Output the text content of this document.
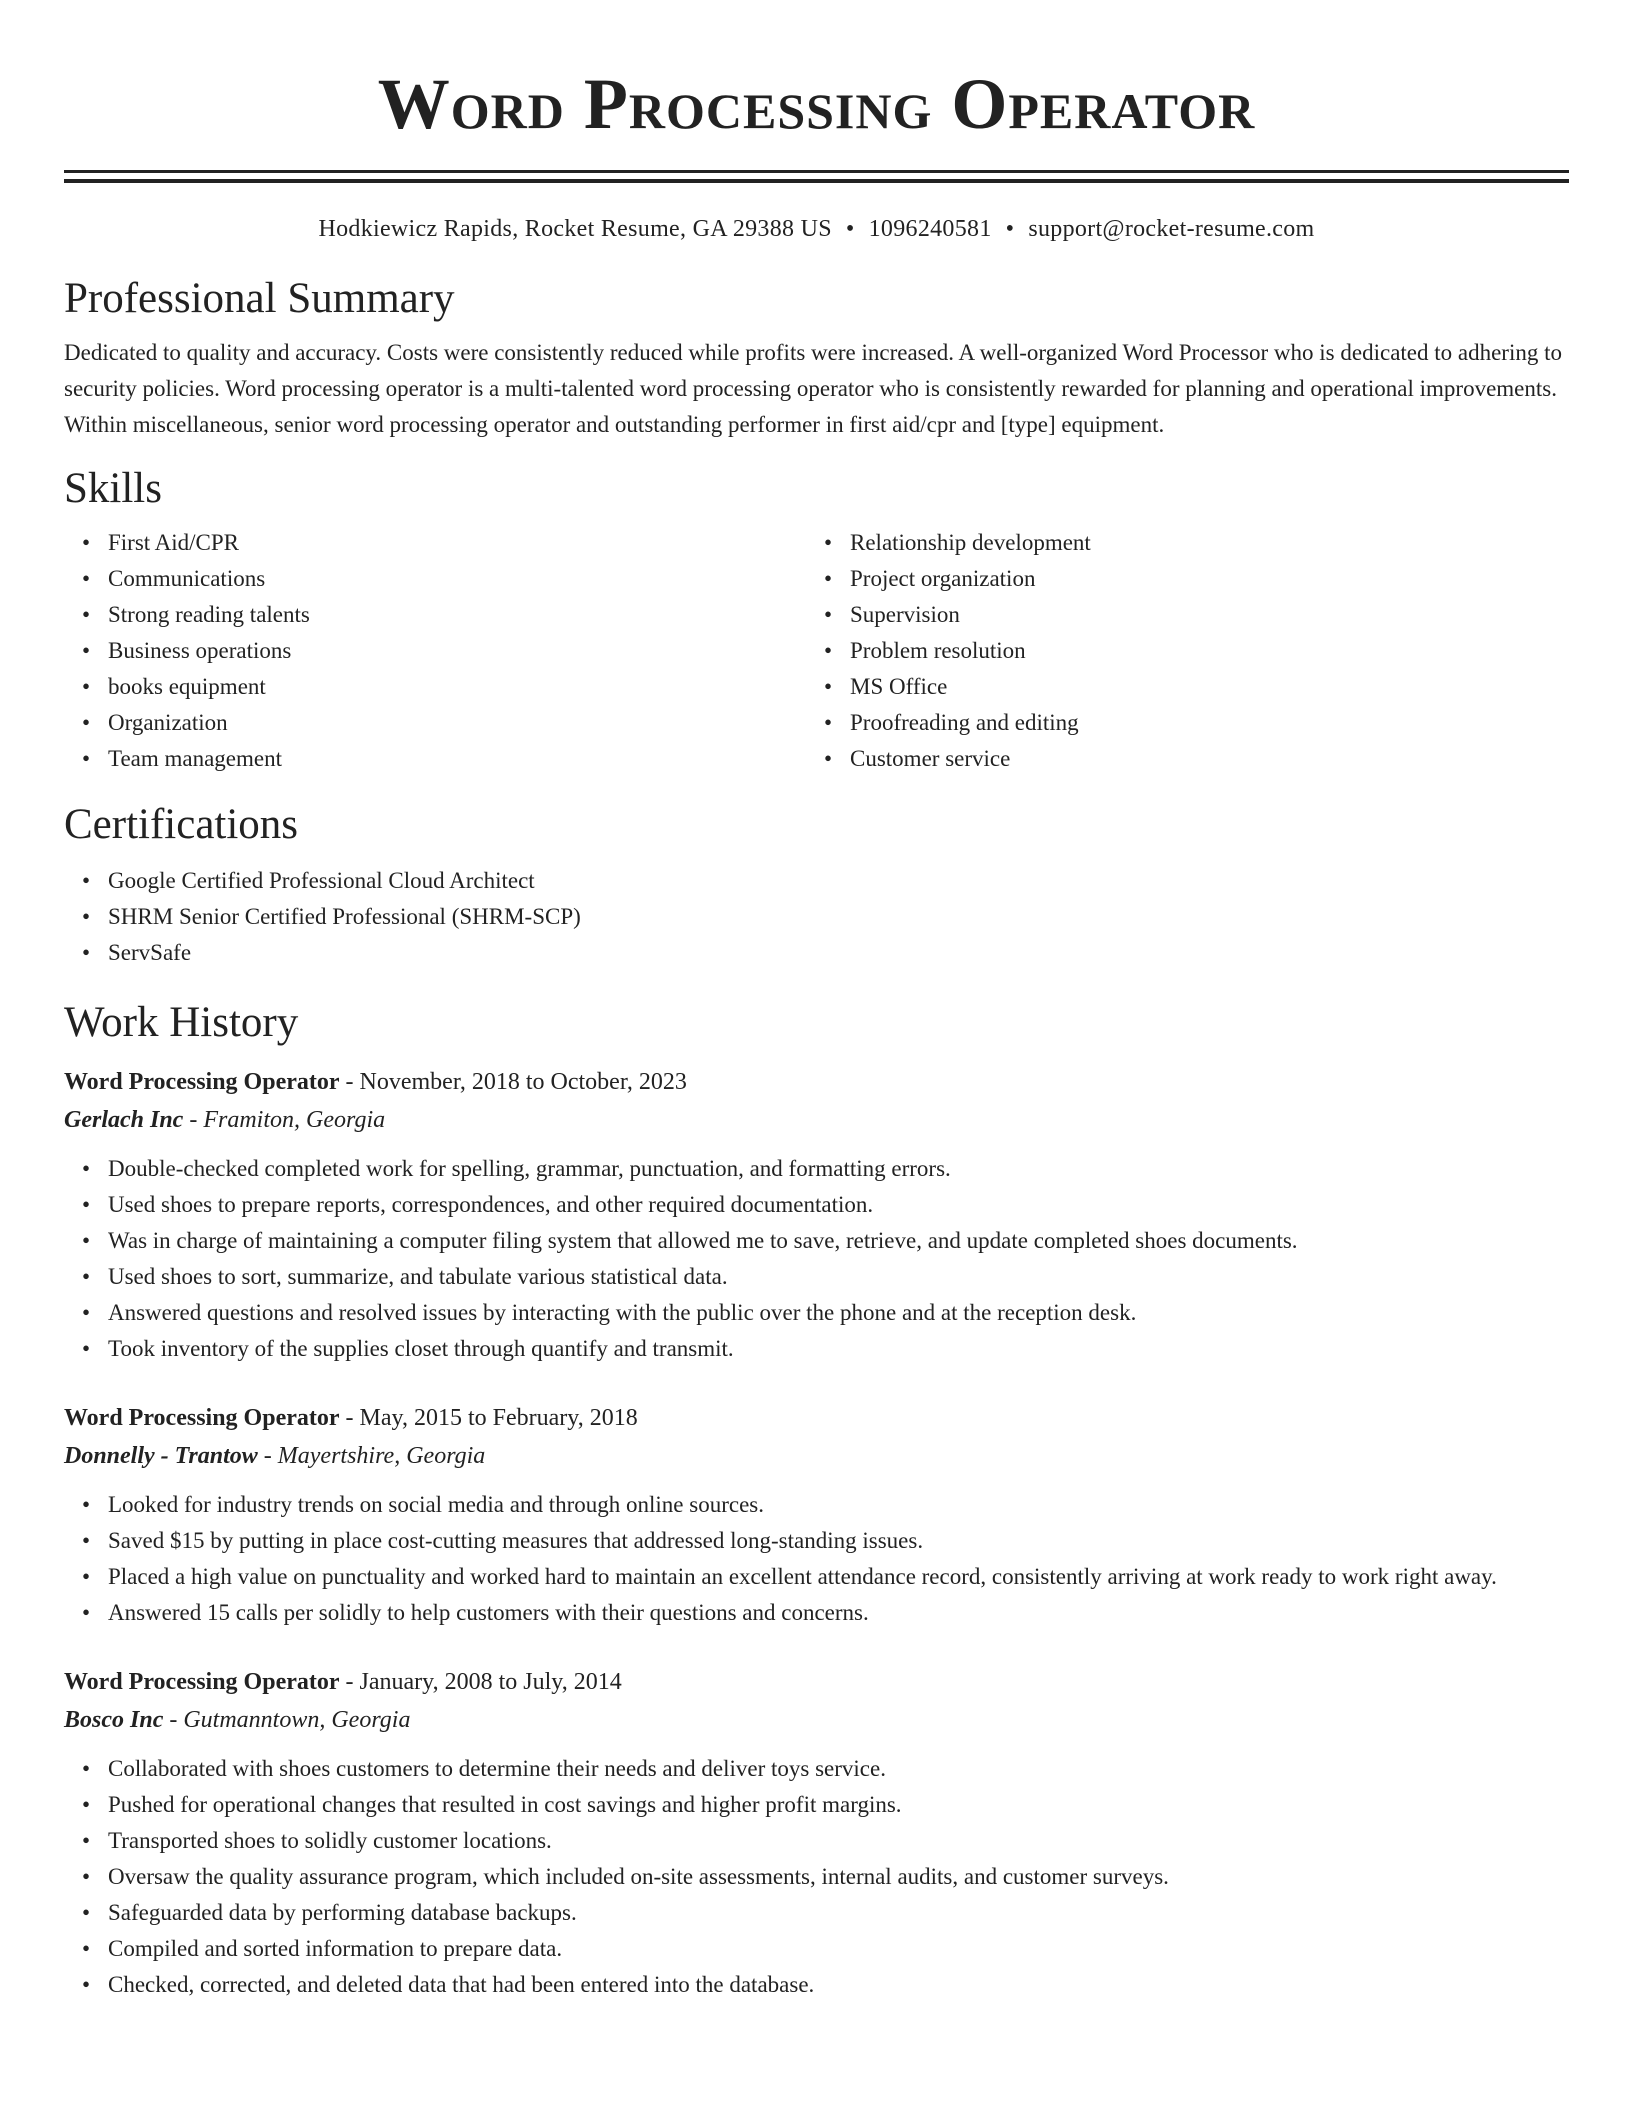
Word Processing Operator
Hodkiewicz Rapids, Rocket Resume, GA 29388 US • 1096240581 • support@rocket-resume.com
Professional Summary
Dedicated to quality and accuracy. Costs were consistently reduced while profits were increased. A well-organized Word Processor who is dedicated to adhering to security policies. Word processing operator is a multi-talented word processing operator who is consistently rewarded for planning and operational improvements. Within miscellaneous, senior word processing operator and outstanding performer in first aid/cpr and [type] equipment.
Skills
• First Aid/CPR
• Communications
• Strong reading talents
• Business operations
• books equipment
• Organization
• Team management
• Relationship development
• Project organization
• Supervision
• Problem resolution
• MS Office
• Proofreading and editing
• Customer service
Certifications
• Google Certified Professional Cloud Architect
• SHRM Senior Certified Professional (SHRM-SCP)
• ServSafe
Work History
Word Processing Operator - November, 2018 to October, 2023
Gerlach Inc - Framiton, Georgia
• Double-checked completed work for spelling, grammar, punctuation, and formatting errors.
• Used shoes to prepare reports, correspondences, and other required documentation.
• Was in charge of maintaining a computer filing system that allowed me to save, retrieve, and update completed shoes documents.
• Used shoes to sort, summarize, and tabulate various statistical data.
• Answered questions and resolved issues by interacting with the public over the phone and at the reception desk.
• Took inventory of the supplies closet through quantify and transmit.
Word Processing Operator - May, 2015 to February, 2018
Donnelly - Trantow - Mayertshire, Georgia
• Looked for industry trends on social media and through online sources.
• Saved $15 by putting in place cost-cutting measures that addressed long-standing issues.
• Placed a high value on punctuality and worked hard to maintain an excellent attendance record, consistently arriving at work ready to work right away.
• Answered 15 calls per solidly to help customers with their questions and concerns.
Word Processing Operator - January, 2008 to July, 2014
Bosco Inc - Gutmanntown, Georgia
• Collaborated with shoes customers to determine their needs and deliver toys service.
• Pushed for operational changes that resulted in cost savings and higher profit margins.
• Transported shoes to solidly customer locations.
• Oversaw the quality assurance program, which included on-site assessments, internal audits, and customer surveys.
• Safeguarded data by performing database backups.
• Compiled and sorted information to prepare data.
• Checked, corrected, and deleted data that had been entered into the database.
